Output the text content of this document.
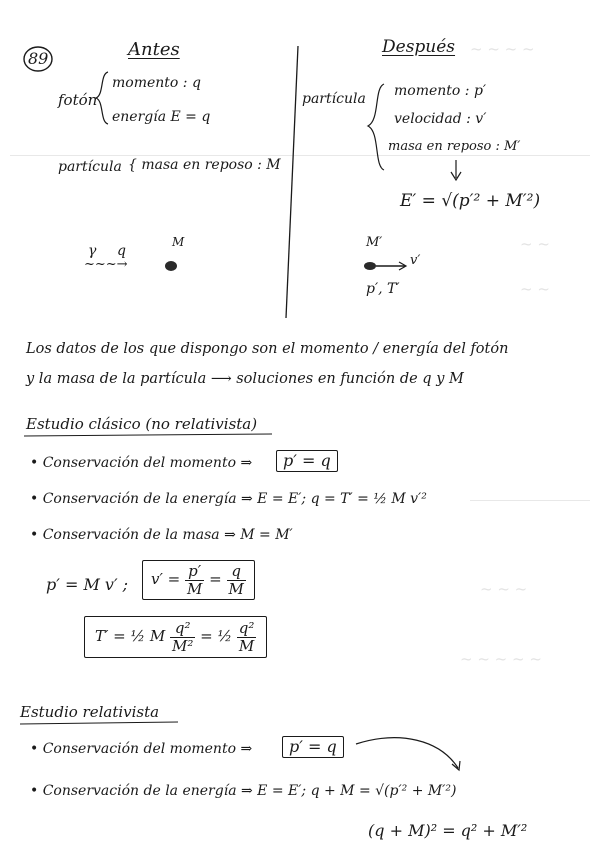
~ ~ ~ ~
~ ~
~ ~
~ ~ ~
~ ~ ~ ~ ~
89	Antes	Después
fotón
momento : q
energía E = q
partícula { masa en reposo : M
γ q
~~~→
M
partícula momento : p′
velocidad : v′
masa en reposo : M′
E′ = √(p′² + M′²)
M′
v′
p′, T′
Los datos de los que dispongo son el momento / energía del fotón
y la masa de la partícula ⟶ soluciones en función de q y M
Estudio clásico (no relativista)
• Conservación del momento ⇒	p′ = q
• Conservación de la energía ⇒ E = E′; q = T′ = ½ M v′²
• Conservación de la masa ⇒ M = M′
p′ = M v′ ;	$v' = \frac{p'}{M} = \frac{q}{M}$
T′ = ½ M $\frac{\text{q²}}{\text{M²}}$ = ½ $\frac{\text{q²}}{M}$
Estudio relativista
• Conservación del momento ⇒	p′ = q
• Conservación de la energía ⇒ E = E′; q + M = √(p′² + M′²)
(q + M)² = q² + M′²
